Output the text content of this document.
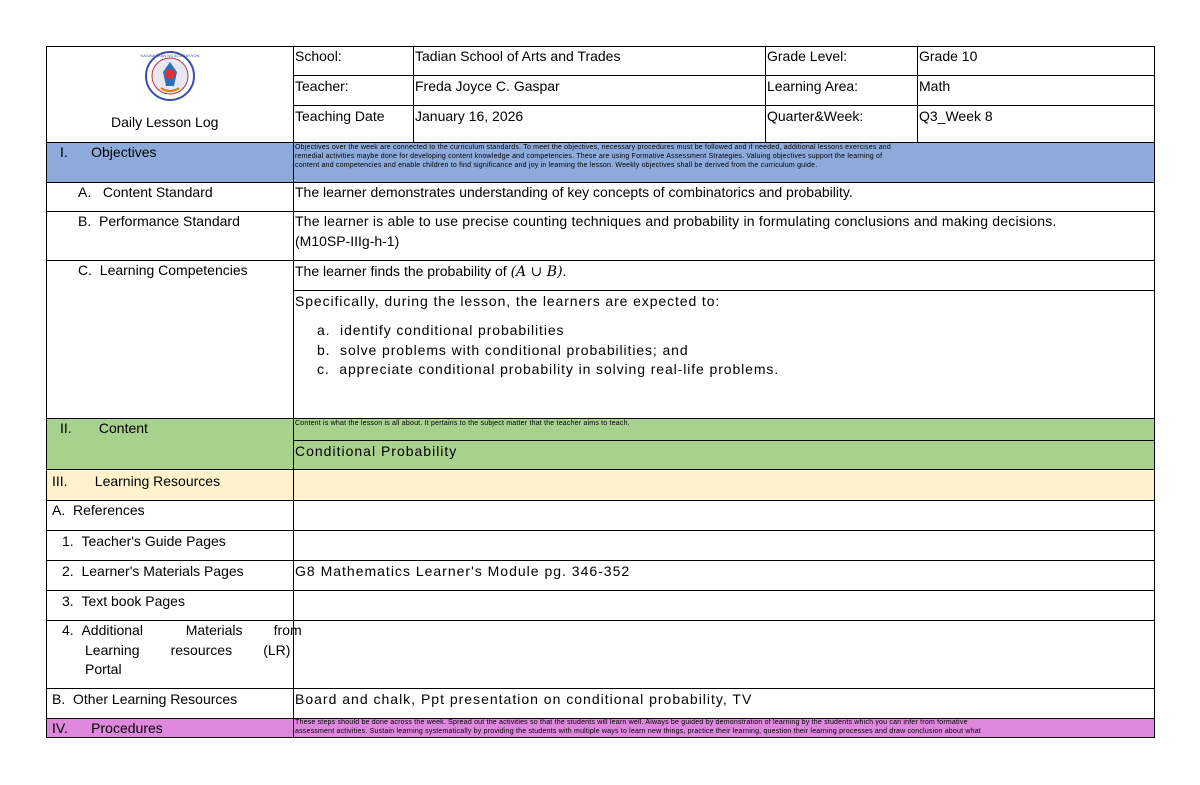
KAGAWARAN NG EDUKASYON
Daily Lesson Log
School:	Tadian School of Arts and Trades	Grade Level:	Grade 10
Teacher:	Freda Joyce C. Gaspar	Learning Area:	Math
Teaching Date January 16, 2026	Quarter&Week:	Q3_Week 8
I.      Objectives	Objectives over the week are connected to the curriculum standards. To meet the objectives, necessary procedures must be followed and if needed, additional lessons exercises and
remedial activities maybe done for developing content knowledge and competencies. These are using Formative Assessment Strategies. Valuing objectives support the learning of
content and competencies and enable children to find significance and joy in learning the lesson. Weekly objectives shall be derived from the curriculum guide.
A.   Content Standard	The learner demonstrates understanding of key concepts of combinatorics and probability.
B.  Performance Standard	The learner is able to use precise counting techniques and probability in formulating conclusions and making decisions.
(M10SP-IIIg-h-1)
C.  Learning Competencies	The learner finds the probability of (A ∪ B).
Specifically, during the lesson, the learners are expected to:
a.  identify conditional probabilities
b.  solve problems with conditional probabilities; and
c.  appreciate conditional probability in solving real-life problems.
II.       Content	Content is what the lesson is all about. It pertains to the subject matter that the teacher aims to teach.
Conditional Probability
III.       Learning Resources
A.  References
1.  Teacher's Guide Pages
2.  Learner's Materials Pages	G8 Mathematics Learner's Module pg. 346-352
3.  Text book Pages
4.  Additional           Materials        from
Learning        resources        (LR)
Portal
B.  Other Learning Resources	Board and chalk, Ppt presentation on conditional probability, TV
IV.      Procedures	These steps should be done across the week. Spread out the activities so that the students will learn well. Always be guided by demonstration of learning by the students which you can infer from formative
assessment activities. Sustain learning systematically by providing the students with multiple ways to learn new things, practice their learning, question their learning processes and draw conclusion about what
